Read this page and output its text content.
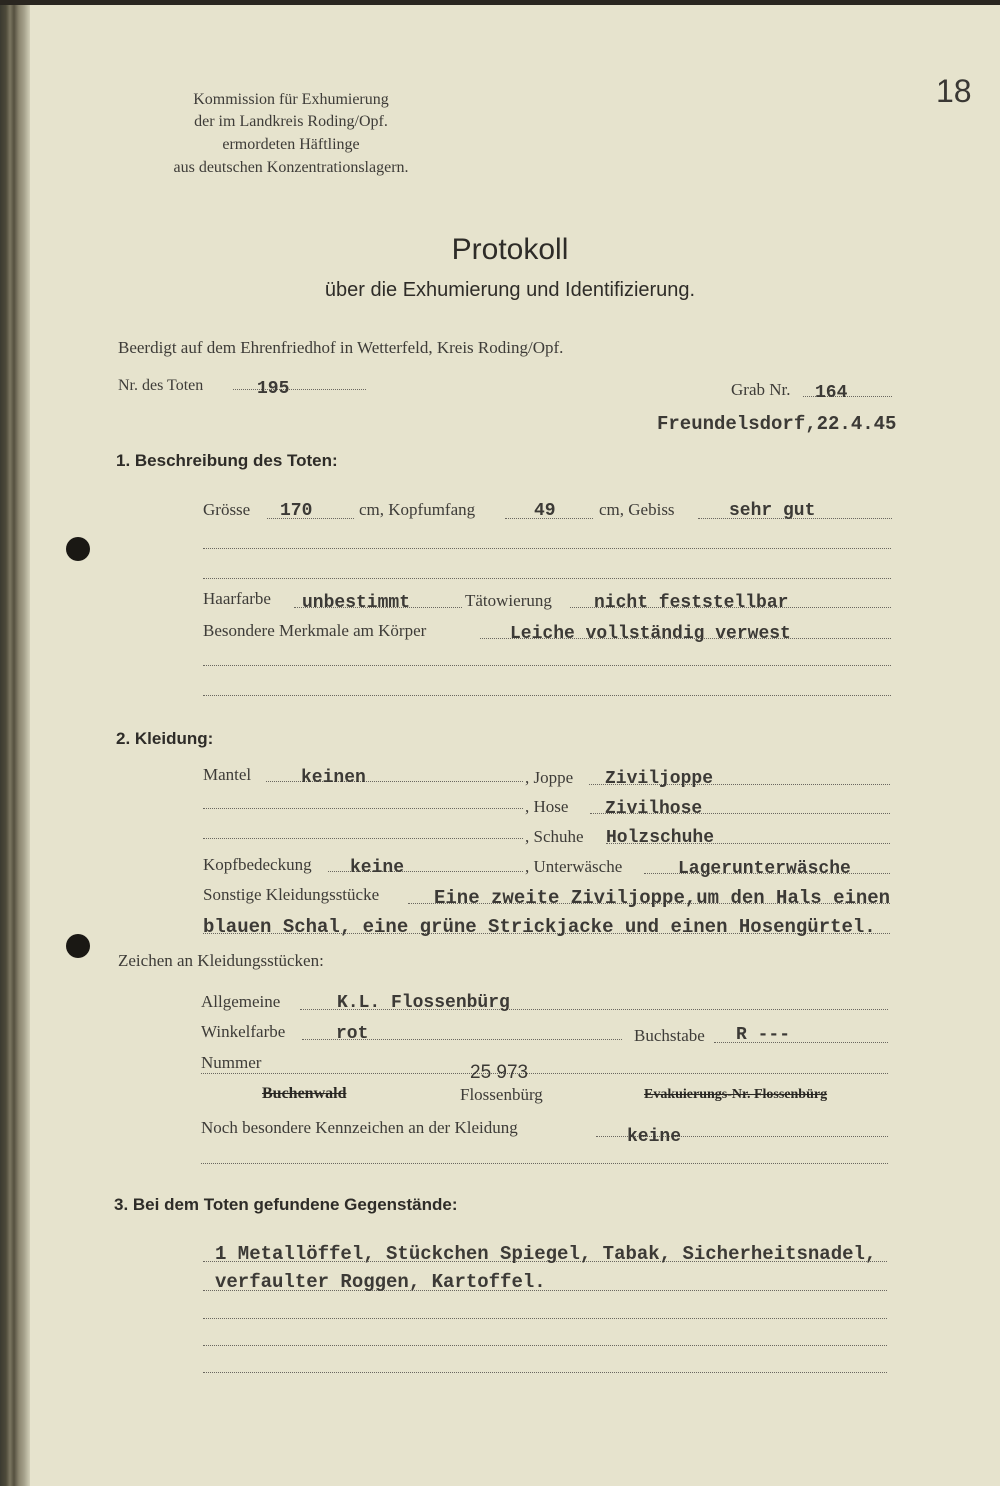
18
Kommission für Exhumierung
der im Landkreis Roding/Opf.
ermordeten Häftlinge
aus deutschen Konzentrationslagern.
Protokoll
über die Exhumierung und Identifizierung.
Beerdigt auf dem Ehrenfriedhof in Wetterfeld, Kreis Roding/Opf.
Nr. des Toten	195	Grab Nr. 164
Freundelsdorf,22.4.45
1. Beschreibung des Toten:
Grösse 170	cm, Kopfumfang	49	cm, Gebiss	sehr gut
Haarfarbe unbestimmt	Tätowierung nicht feststellbar
Besondere Merkmale am Körper	Leiche vollständig verwest
2. Kleidung:
Mantel	keinen	, Joppe Ziviljoppe
, Hose Zivilhose
, Schuhe Holzschuhe
Kopfbedeckung keine	, Unterwäsche	Lagerunterwäsche
Sonstige Kleidungsstücke	Eine zweite Ziviljoppe,um den Hals einen
blauen Schal, eine grüne Strickjacke und einen Hosengürtel.
Zeichen an Kleidungsstücken:
Allgemeine	K.L. Flossenbürg
Winkelfarbe	rot	Buchstabe R ---
Nummer	25 973
Buchenwald	Flossenbürg	Evakuierungs-Nr. Flossenbürg
Noch besondere Kennzeichen an der Kleidung	keine
3. Bei dem Toten gefundene Gegenstände:
1 Metallöffel, Stückchen Spiegel, Tabak, Sicherheitsnadel,
verfaulter Roggen, Kartoffel.
